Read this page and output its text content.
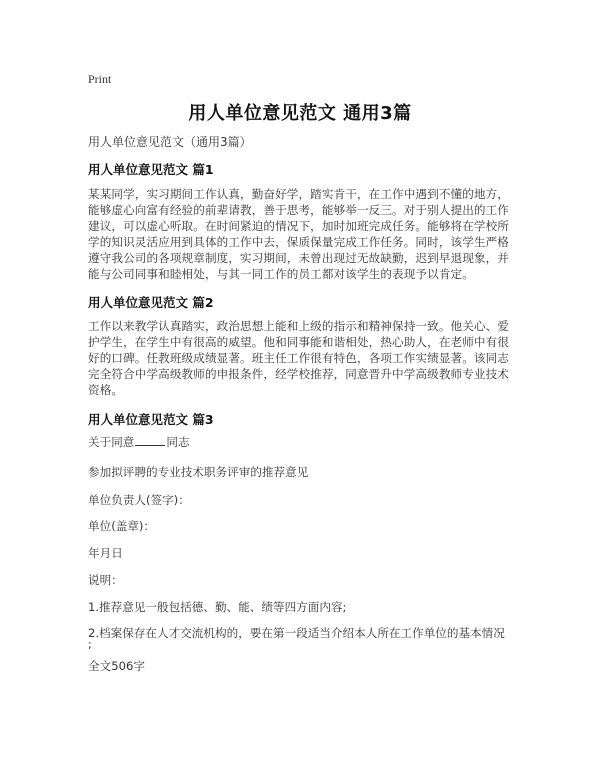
Print
用人单位意见范文 通用3篇
用人单位意见范文（通用3篇）
用人单位意见范文 篇1
某某同学，实习期间工作认真，勤奋好学，踏实肯干，在工作中遇到不懂的地方，
能够虚心向富有经验的前辈请教，善于思考，能够举一反三。对于别人提出的工作
建议，可以虚心听取。在时间紧迫的情况下，加时加班完成任务。能够将在学校所
学的知识灵活应用到具体的工作中去，保质保量完成工作任务。同时，该学生严格
遵守我公司的各项规章制度，实习期间，未曾出现过无故缺勤，迟到早退现象，并
能与公司同事和睦相处，与其一同工作的员工都对该学生的表现予以肯定。
用人单位意见范文 篇2
工作以来教学认真踏实，政治思想上能和上级的指示和精神保持一致。他关心、爱
护学生，在学生中有很高的威望。他和同事能和谐相处，热心助人，在老师中有很
好的口碑。任教班级成绩显著。班主任工作很有特色，各项工作实绩显著。该同志
完全符合中学高级教师的申报条件，经学校推荐，同意晋升中学高级教师专业技术
资格。
用人单位意见范文 篇3
关于同意	同志
参加拟评聘的专业技术职务评审的推荐意见
单位负责人(签字)：
单位(盖章)：
年月日
说明：
1.推荐意见一般包括德、勤、能、绩等四方面内容;
2.档案保存在人才交流机构的，要在第一段适当介绍本人所在工作单位的基本情况
;
全文506字
